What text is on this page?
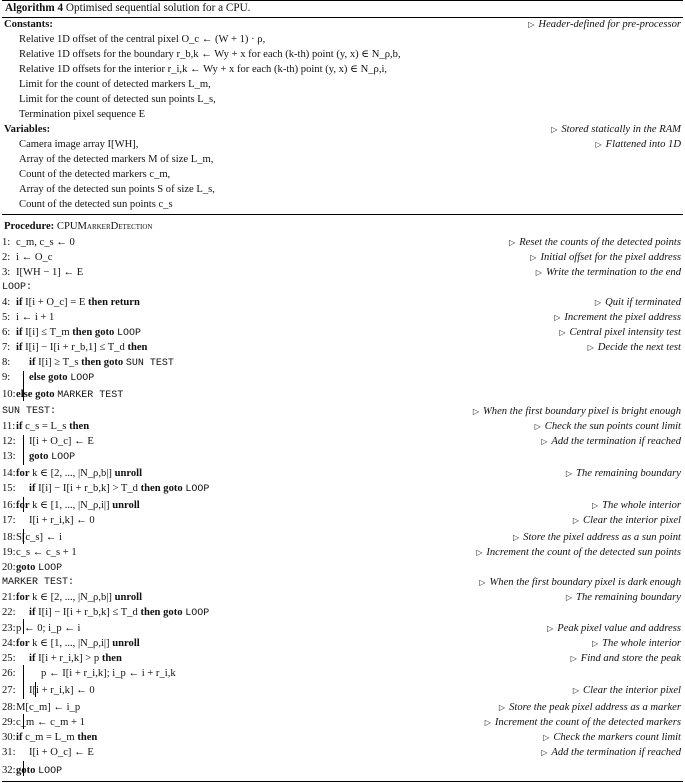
Algorithm 4 Optimised sequential solution for a CPU.
Constants:	▷ Header-defined for pre-processor
Relative 1D offset of the central pixel O_c ← (W + 1) · ρ,
Relative 1D offsets for the boundary r_b,k ← Wy + x for each (k-th) point (y, x) ∈ N_ρ,b,
Relative 1D offsets for the interior r_i,k ← Wy + x for each (k-th) point (y, x) ∈ N_ρ,i,
Limit for the count of detected markers L_m,
Limit for the count of detected sun points L_s,
Termination pixel sequence E
Variables:	▷ Stored statically in the RAM
Camera image array I[WH],	▷ Flattened into 1D
Array of the detected markers M of size L_m,
Count of the detected markers c_m,
Array of the detected sun points S of size L_s,
Count of the detected sun points c_s
Procedure: CPUMarkerDetection
1: c_m, c_s ← 0	▷ Reset the counts of the detected points
2: i ← O_c	▷ Initial offset for the pixel address
3: I[WH − 1] ← E	▷ Write the termination to the end
LOOP:
4: if I[i + O_c] = E then return	▷ Quit if terminated
5: i ← i + 1	▷ Increment the pixel address
6: if I[i] ≤ T_m then goto LOOP	▷ Central pixel intensity test
7: if I[i] − I[i + r_b,1] ≤ T_d then	▷ Decide the next test
8:	if I[i] ≥ T_s then goto SUN TEST
9:	else goto LOOP
10: else goto MARKER TEST
SUN TEST:	▷ When the first boundary pixel is bright enough
11: if c_s = L_s then	▷ Check the sun points count limit
12:	I[i + O_c] ← E	▷ Add the termination if reached
13:	goto LOOP
14: for k ∈ [2, ..., |N_ρ,b|] unroll	▷ The remaining boundary
15:	if I[i] − I[i + r_b,k] > T_d then goto LOOP
16: for k ∈ [1, ..., |N_ρ,i|] unroll	▷ The whole interior
17:	I[i + r_i,k] ← 0	▷ Clear the interior pixel
18: S[c_s] ← i	▷ Store the pixel address as a sun point
19: c_s ← c_s + 1	▷ Increment the count of the detected sun points
20: goto LOOP
MARKER TEST:	▷ When the first boundary pixel is dark enough
21: for k ∈ [2, ..., |N_ρ,b|] unroll	▷ The remaining boundary
22:	if I[i] − I[i + r_b,k] ≤ T_d then goto LOOP
23: p ← 0; i_p ← i	▷ Peak pixel value and address
24: for k ∈ [1, ..., |N_ρ,i|] unroll	▷ The whole interior
25:	if I[i + r_i,k] > p then	▷ Find and store the peak
26:	p ← I[i + r_i,k]; i_p ← i + r_i,k
27:	I[i + r_i,k] ← 0	▷ Clear the interior pixel
28: M[c_m] ← i_p	▷ Store the peak pixel address as a marker
29: c_m ← c_m + 1	▷ Increment the count of the detected markers
30: if c_m = L_m then	▷ Check the markers count limit
31:	I[i + O_c] ← E	▷ Add the termination if reached
32: goto LOOP
